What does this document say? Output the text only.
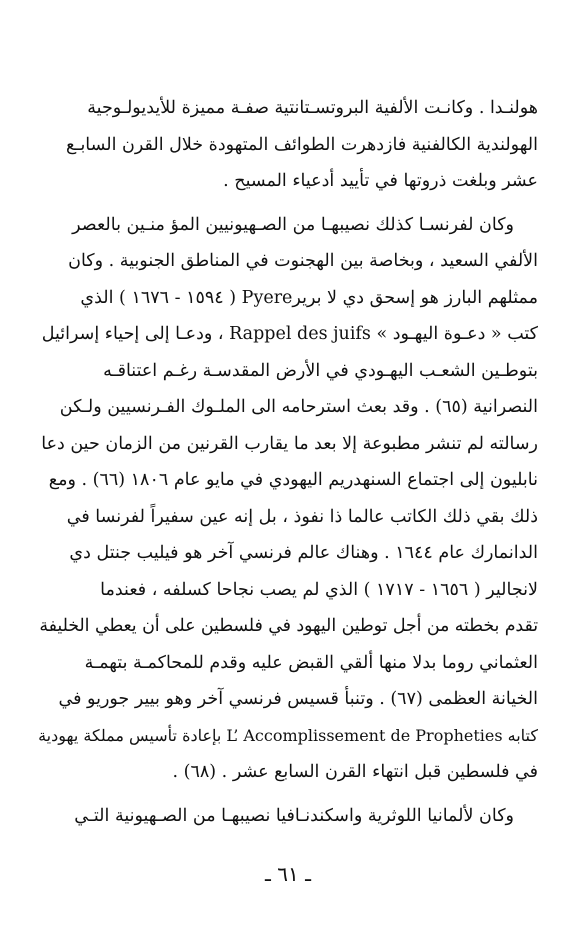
هولنـدا . وكانـت الألفية البروتسـتانتية صفـة مميزة للأيديولـوجية
الهولندية الكالفنية فازدهرت الطوائف المتهودة خلال القرن السابـع
عشر وبلغت ذروتها في تأييد أدعياء المسيح .
وكان لفرنسـا كذلك نصيبهـا من الصـهيونيين المؤ منـين بالعصر
الألفي السعيد ، وبخاصة بين الهجنوت في المناطق الجنوبية . وكان
ممثلهم البارز هو إسحق دي لا بريرPyere ( ١٥٩٤ - ١٦٧٦ ) الذي
كتب « دعـوة اليهـود » Rappel des juifs ، ودعـا إلى إحياء إسرائيل
بتوطـين الشعـب اليهـودي في الأرض المقدسـة رغـم اعتناقـه
النصرانية (٦٥) . وقد بعث استرحامه الى الملـوك الفـرنسيين ولـكن
رسالته لم تنشر مطبوعة إلا بعد ما يقارب القرنين من الزمان حين دعا
نابليون إلى اجتماع السنهدريم اليهودي في مايو عام ١٨٠٦ (٦٦) . ومع
ذلك بقي ذلك الكاتب عالما ذا نفوذ ، بل إنه عين سفيراً لفرنسا في
الدانمارك عام ١٦٤٤ . وهناك عالم فرنسي آخر هو فيليب جنتل دي
لانجالير ( ١٦٥٦ - ١٧١٧ ) الذي لم يصب نجاحا كسلفه ، فعندما
تقدم بخطته من أجل توطين اليهود في فلسطين على أن يعطي الخليفة
العثماني روما بدلا منها ألقي القبض عليه وقدم للمحاكمـة بتهمـة
الخيانة العظمى (٦٧) . وتنبأ قسيس فرنسي آخر وهو بيير جوريو في
كتابه L’ Accomplissement de Propheties بإعادة تأسيس مملكة يهودية
في فلسطين قبل انتهاء القرن السابع عشر . (٦٨) .
وكان لألمانيا اللوثرية واسكندنـافيا نصيبهـا من الصـهيونية التـي
ـ ٦١ ـ
